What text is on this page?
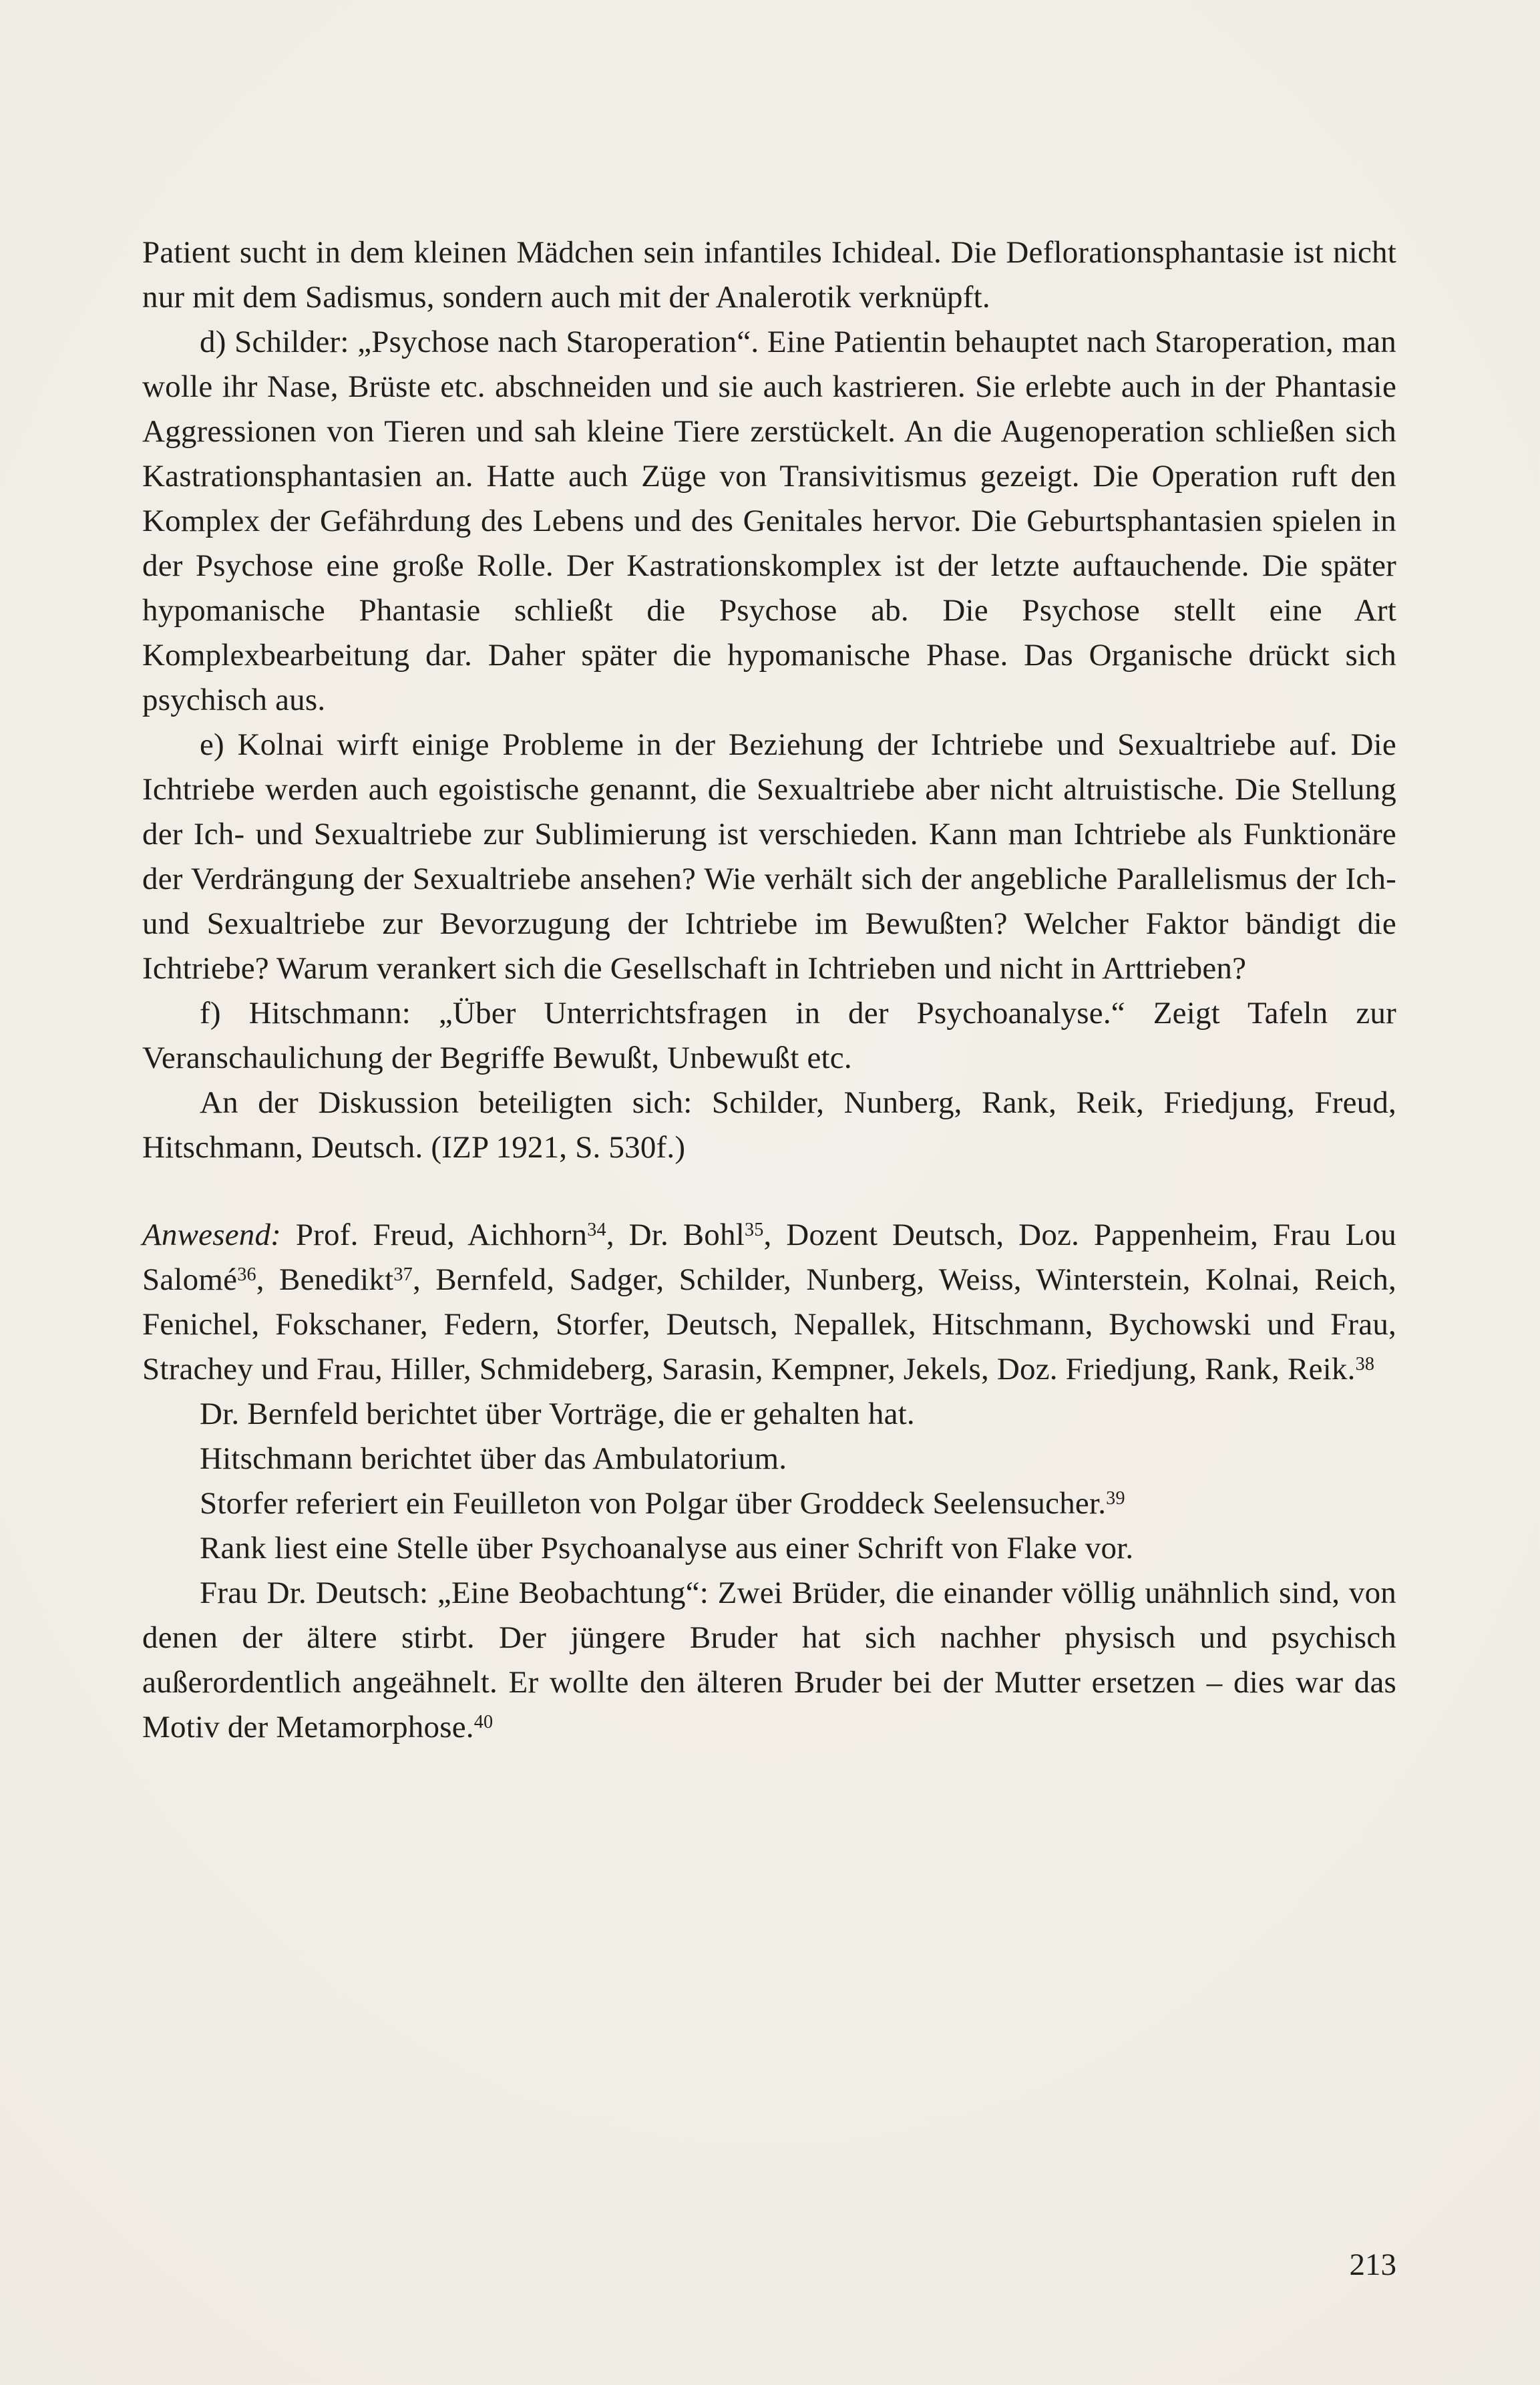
Patient sucht in dem kleinen Mädchen sein infantiles Ichideal. Die Deflorationsphantasie ist nicht nur mit dem Sadismus, sondern auch mit der Analerotik verknüpft.

d) Schilder: „Psychose nach Staroperation“. Eine Patientin behauptet nach Staroperation, man wolle ihr Nase, Brüste etc. abschneiden und sie auch kastrieren. Sie erlebte auch in der Phantasie Aggressionen von Tieren und sah kleine Tiere zerstückelt. An die Augenoperation schließen sich Kastrationsphantasien an. Hatte auch Züge von Transivitismus gezeigt. Die Operation ruft den Komplex der Gefährdung des Lebens und des Genitales hervor. Die Geburtsphantasien spielen in der Psychose eine große Rolle. Der Kastrationskomplex ist der letzte auftauchende. Die später hypomanische Phantasie schließt die Psychose ab. Die Psychose stellt eine Art Komplexbearbeitung dar. Daher später die hypomanische Phase. Das Organische drückt sich psychisch aus.

e) Kolnai wirft einige Probleme in der Beziehung der Ichtriebe und Sexualtriebe auf. Die Ichtriebe werden auch egoistische genannt, die Sexualtriebe aber nicht altruistische. Die Stellung der Ich- und Sexualtriebe zur Sublimierung ist verschieden. Kann man Ichtriebe als Funktionäre der Verdrängung der Sexualtriebe ansehen? Wie verhält sich der angebliche Parallelismus der Ich- und Sexualtriebe zur Bevorzugung der Ichtriebe im Bewußten? Welcher Faktor bändigt die Ichtriebe? Warum verankert sich die Gesellschaft in Ichtrieben und nicht in Arttrieben?

f) Hitschmann: „Über Unterrichtsfragen in der Psychoanalyse.“ Zeigt Tafeln zur Veranschaulichung der Begriffe Bewußt, Unbewußt etc.

An der Diskussion beteiligten sich: Schilder, Nunberg, Rank, Reik, Friedjung, Freud, Hitschmann, Deutsch. (IZP 1921, S. 530f.)

Anwesend: Prof. Freud, Aichhorn$^{34}$, Dr. Bohl$^{35}$, Dozent Deutsch, Doz. Pappenheim, Frau Lou Salomé$^{36}$, Benedikt$^{37}$, Bernfeld, Sadger, Schilder, Nunberg, Weiss, Winterstein, Kolnai, Reich, Fenichel, Fokschaner, Federn, Storfer, Deutsch, Nepallek, Hitschmann, Bychowski und Frau, Strachey und Frau, Hiller, Schmideberg, Sarasin, Kempner, Jekels, Doz. Friedjung, Rank, Reik.$^{38}$

Dr. Bernfeld berichtet über Vorträge, die er gehalten hat.

Hitschmann berichtet über das Ambulatorium.

Storfer referiert ein Feuilleton von Polgar über Groddeck Seelensucher.$^{39}$

Rank liest eine Stelle über Psychoanalyse aus einer Schrift von Flake vor.

Frau Dr. Deutsch: „Eine Beobachtung“: Zwei Brüder, die einander völlig unähnlich sind, von denen der ältere stirbt. Der jüngere Bruder hat sich nachher physisch und psychisch außerordentlich angeähnelt. Er wollte den älteren Bruder bei der Mutter ersetzen – dies war das Motiv der Metamorphose.$^{40}$

213
